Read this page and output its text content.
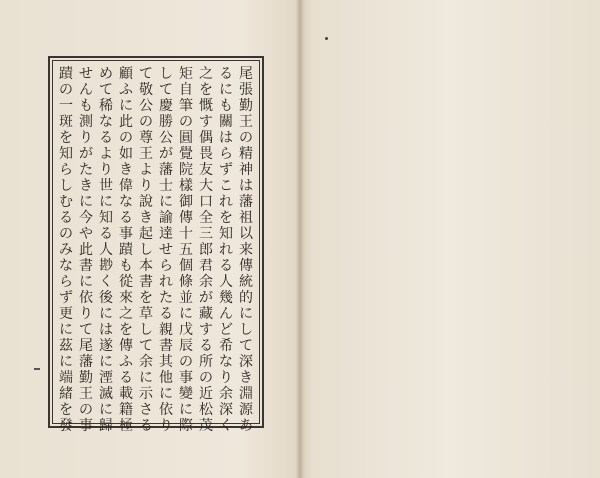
尾
張
勤
王
の
精
神
は
藩
祖
以
来
傳
統
的
に
し
て
深
き
淵
源
あ
る
に
も
關
は
ら
ず
こ
れ
を
知
れ
る
人
幾
ん
ど
希
な
り
余
深
く
之
を
慨
す
偶
畏
友
大
口
全
三
郎
君
余
が
藏
す
る
所
の
近
松
茂
矩
自
筆
の
圓
覺
院
樣
御
傳
十
五
個
條
並
に
戊
辰
の
事
變
に
際
し
て
慶
勝
公
が
藩
士
に
諭
達
せ
ら
れ
た
る
親
書
其
他
に
依
り
て
敬
公
の
尊
王
よ
り
說
き
起
し
本
書
を
草
し
て
余
に
示
さ
る
顧
ふ
に
此
の
如
き
偉
な
る
事
蹟
も
從
來
之
を
傳
ふ
る
載
籍
極
め
て
稀
な
る
よ
り
世
に
知
る
人
尠
く
後
に
は
遂
に
湮
滅
に
歸
せ
ん
も
測
り
が
た
き
に
今
や
此
書
に
依
り
て
尾
藩
勤
王
の
事
蹟
の
一
斑
を
知
ら
し
む
る
の
み
な
ら
ず
更
に
茲
に
端
緒
を
發
